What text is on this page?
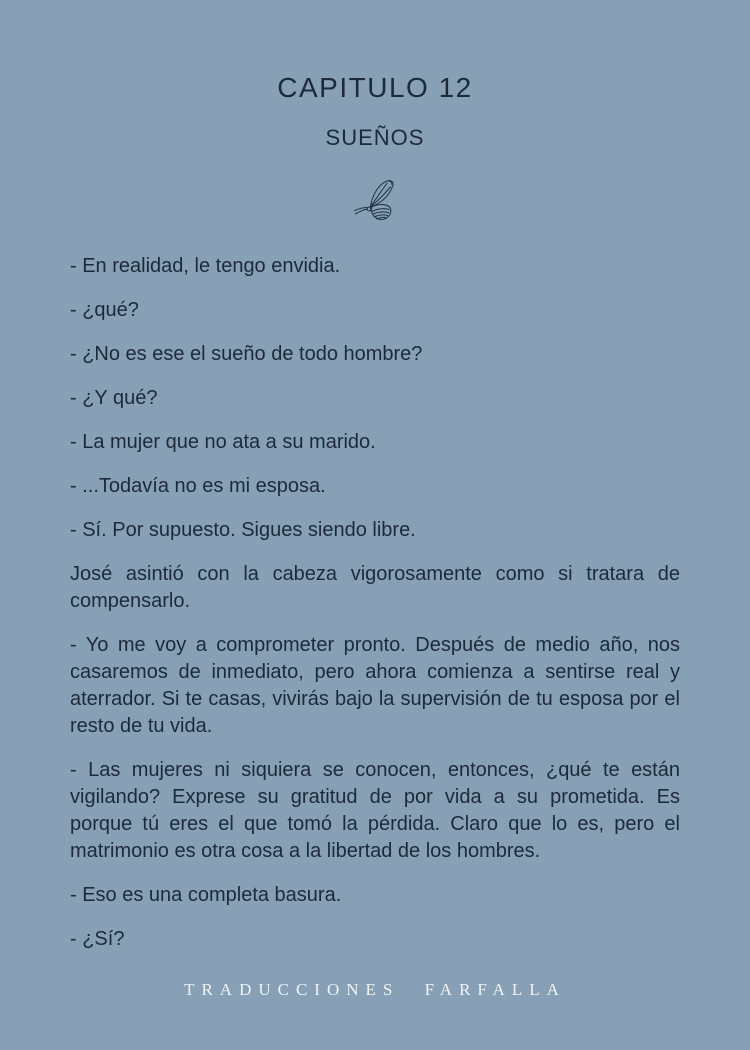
CAPITULO 12
SUEÑOS

- En realidad, le tengo envidia.

- ¿qué?

- ¿No es ese el sueño de todo hombre?

- ¿Y qué?

- La mujer que no ata a su marido.

- ...Todavía no es mi esposa.

- Sí. Por supuesto. Sigues siendo libre.

José asintió con la cabeza vigorosamente como si tratara de compensarlo.

- Yo me voy a comprometer pronto. Después de medio año, nos casaremos de inmediato, pero ahora comienza a sentirse real y aterrador. Si te casas, vivirás bajo la supervisión de tu esposa por el resto de tu vida.

- Las mujeres ni siquiera se conocen, entonces, ¿qué te están vigilando? Exprese su gratitud de por vida a su prometida. Es porque tú eres el que tomó la pérdida. Claro que lo es, pero el matrimonio es otra cosa a la libertad de los hombres.

- Eso es una completa basura.

- ¿Sí?

TRADUCCIONES FARFALLA
